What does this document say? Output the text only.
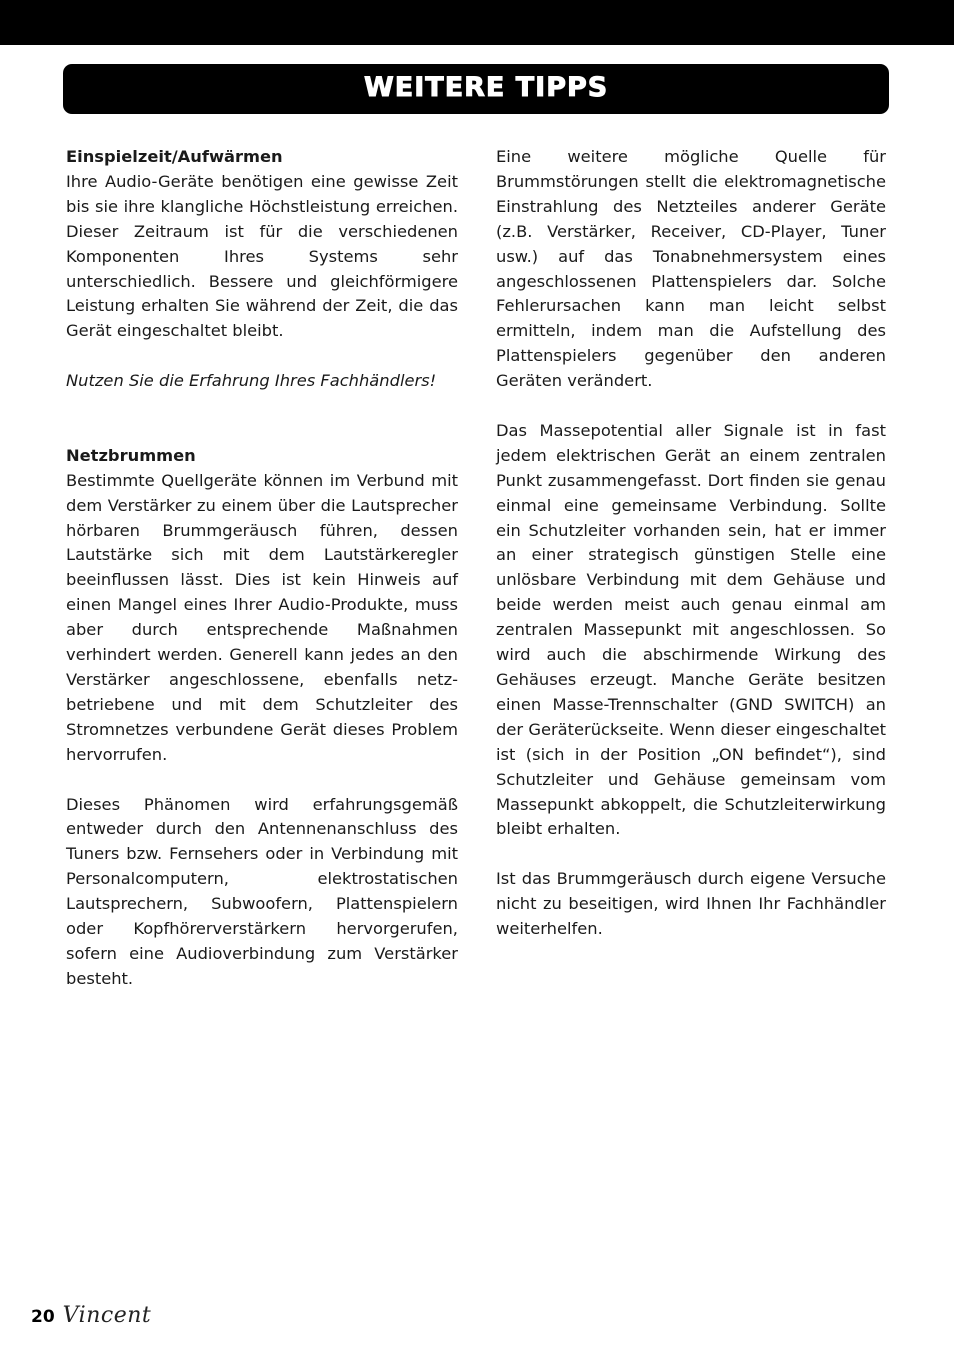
WEITERE TIPPS

Einspielzeit/Aufwärmen
Ihre Audio-Geräte benötigen eine gewisse Zeit bis sie ihre klangliche Höchstleistung erreichen. Dieser Zeitraum ist für die verschiedenen Komponenten Ihres Systems sehr unterschiedlich. Bessere und gleichförmigere Leistung erhalten Sie während der Zeit, die das Gerät eingeschaltet bleibt.

Nutzen Sie die Erfahrung Ihres Fachhändlers!

Netzbrummen
Bestimmte Quellgeräte können im Verbund mit dem Verstärker zu einem über die Lautsprecher hörbaren Brummgeräusch führen, dessen Lautstärke sich mit dem Lautstärkeregler beeinflussen lässt. Dies ist kein Hinweis auf einen Mangel eines Ihrer Audio-Produkte, muss aber durch entsprechende Maßnahmen verhindert werden. Generell kann jedes an den Verstärker angeschlossene, ebenfalls netzbetriebene und mit dem Schutzleiter des Stromnetzes verbundene Gerät dieses Problem hervorrufen.

Dieses Phänomen wird erfahrungsgemäß entweder durch den Antennenanschluss des Tuners bzw. Fernsehers oder in Verbindung mit Personalcomputern, elektrostatischen Lautsprechern, Subwoofern, Plattenspielern oder Kopfhörerverstärkern hervorgerufen, sofern eine Audioverbindung zum Verstärker besteht.

Eine weitere mögliche Quelle für Brummstörungen stellt die elektromagnetische Einstrahlung des Netzteiles anderer Geräte (z.B. Verstärker, Receiver, CD-Player, Tuner usw.) auf das Tonabnehmersystem eines angeschlossenen Plattenspielers dar. Solche Fehlerursachen kann man leicht selbst ermitteln, indem man die Aufstellung des Plattenspielers gegenüber den anderen Geräten verändert.

Das Massepotential aller Signale ist in fast jedem elektrischen Gerät an einem zentralen Punkt zusammengefasst. Dort finden sie genau einmal eine gemeinsame Verbindung. Sollte ein Schutzleiter vorhanden sein, hat er immer an einer strategisch günstigen Stelle eine unlösbare Verbindung mit dem Gehäuse und beide werden meist auch genau einmal am zentralen Massepunkt mit angeschlossen. So wird auch die abschirmende Wirkung des Gehäuses erzeugt. Manche Geräte besitzen einen Masse-Trennschalter (GND SWITCH) an der Geräterückseite. Wenn dieser eingeschaltet ist (sich in der Position „ON befindet“), sind Schutzleiter und Gehäuse gemeinsam vom Massepunkt abkoppelt, die Schutzleiterwirkung bleibt erhalten.

Ist das Brummgeräusch durch eigene Versuche nicht zu beseitigen, wird Ihnen Ihr Fachhändler weiterhelfen.

20 Vincent
